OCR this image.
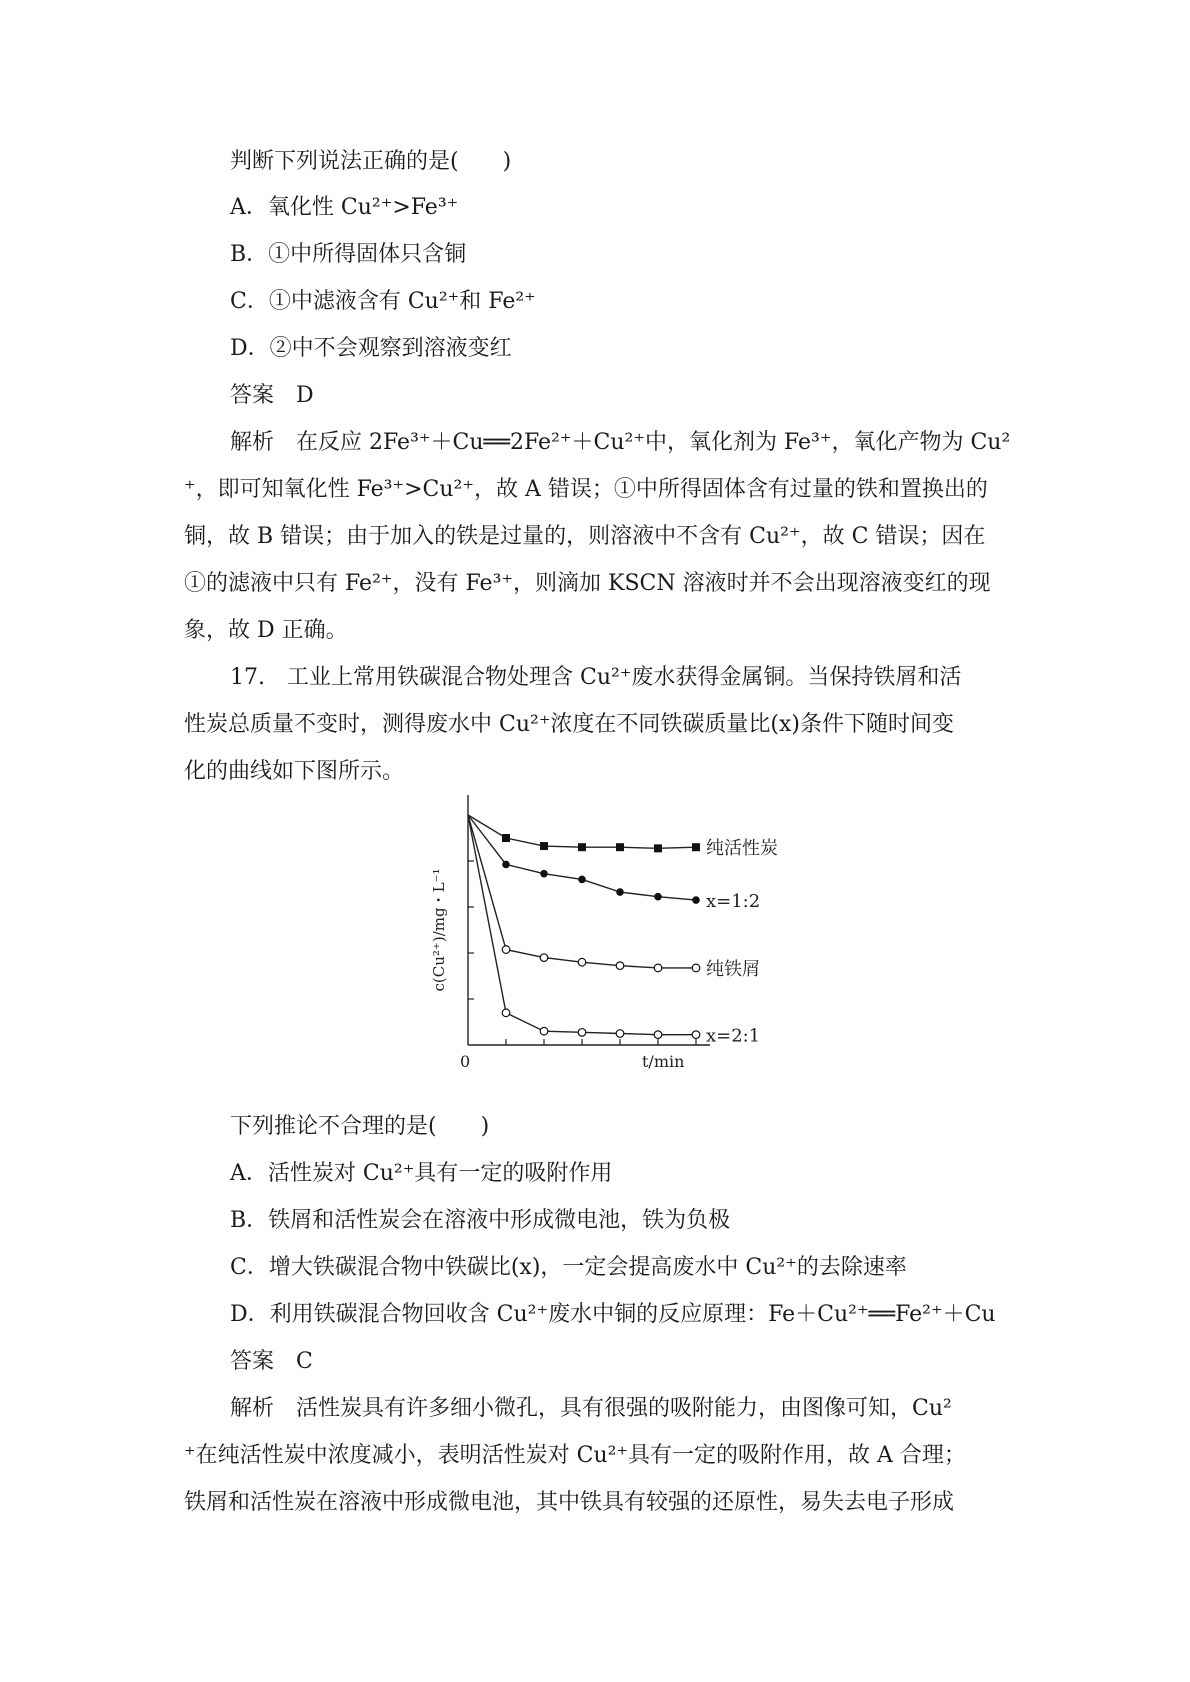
判断下列说法正确的是(　　)
A．氧化性 Cu²⁺>Fe³⁺
B．①中所得固体只含铜
C．①中滤液含有 Cu²⁺和 Fe²⁺
D．②中不会观察到溶液变红
答案　D
解析　在反应 2Fe³⁺＋Cu══2Fe²⁺＋Cu²⁺中，氧化剂为 Fe³⁺，氧化产物为 Cu²
⁺，即可知氧化性 Fe³⁺>Cu²⁺，故 A 错误；①中所得固体含有过量的铁和置换出的
铜，故 B 错误；由于加入的铁是过量的，则溶液中不含有 Cu²⁺，故 C 错误；因在
①的滤液中只有 Fe²⁺，没有 Fe³⁺，则滴加 KSCN 溶液时并不会出现溶液变红的现
象，故 D 正确。
17.　工业上常用铁碳混合物处理含 Cu²⁺废水获得金属铜。当保持铁屑和活
性炭总质量不变时，测得废水中 Cu²⁺浓度在不同铁碳质量比(x)条件下随时间变
化的曲线如下图所示。
纯活性炭
x=1:2
纯铁屑
x=2:1
0	t/min
c(Cu²⁺)/mg・L⁻¹
下列推论不合理的是(　　)
A．活性炭对 Cu²⁺具有一定的吸附作用
B．铁屑和活性炭会在溶液中形成微电池，铁为负极
C．增大铁碳混合物中铁碳比(x)，一定会提高废水中 Cu²⁺的去除速率
D．利用铁碳混合物回收含 Cu²⁺废水中铜的反应原理：Fe＋Cu²⁺══Fe²⁺＋Cu
答案　C
解析　活性炭具有许多细小微孔，具有很强的吸附能力，由图像可知，Cu²
⁺在纯活性炭中浓度减小，表明活性炭对 Cu²⁺具有一定的吸附作用，故 A 合理；
铁屑和活性炭在溶液中形成微电池，其中铁具有较强的还原性，易失去电子形成
